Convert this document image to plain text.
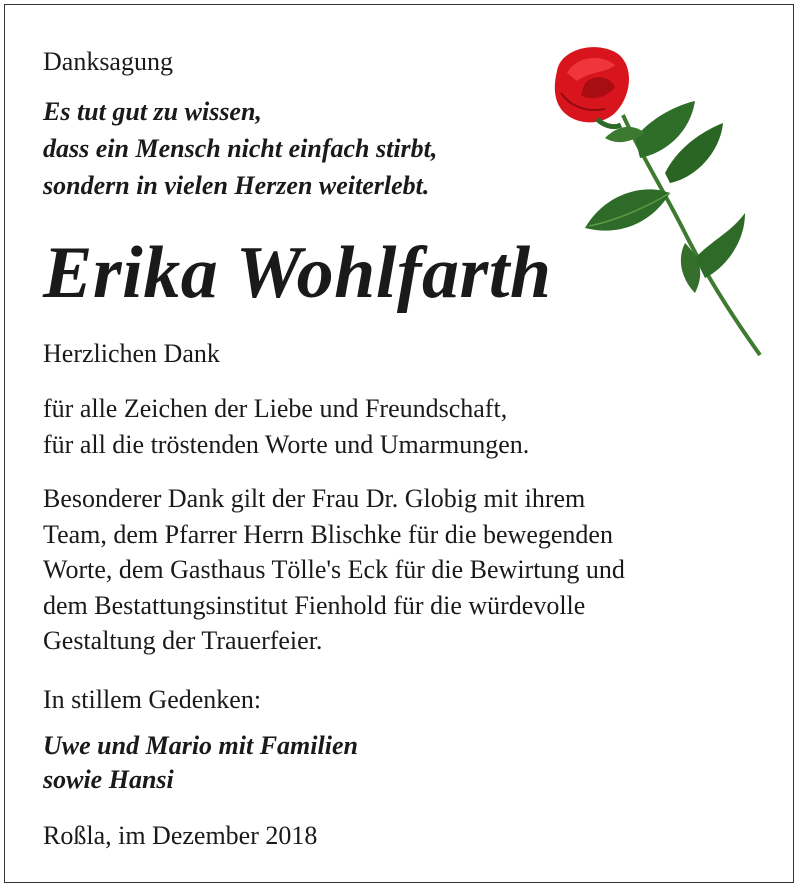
Danksagung

Es tut gut zu wissen,
dass ein Mensch nicht einfach stirbt,
sondern in vielen Herzen weiterlebt.

Erika Wohlfarth

Herzlichen Dank

für alle Zeichen der Liebe und Freundschaft,
für all die tröstenden Worte und Umarmungen.

Besonderer Dank gilt der Frau Dr. Globig mit ihrem
Team, dem Pfarrer Herrn Blischke für die bewegenden
Worte, dem Gasthaus Tölle's Eck für die Bewirtung und
dem Bestattungsinstitut Fienhold für die würdevolle
Gestaltung der Trauerfeier.

In stillem Gedenken:

Uwe und Mario mit Familien
sowie Hansi

Roßla, im Dezember 2018
